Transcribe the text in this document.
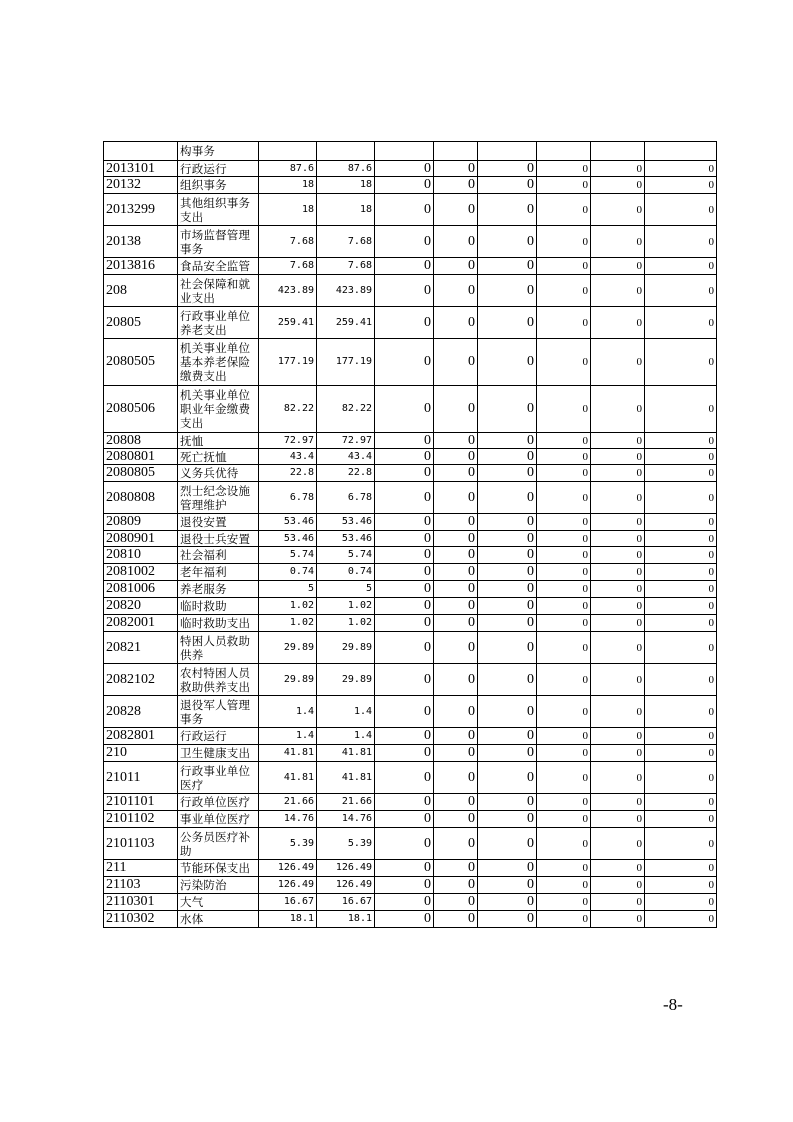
	构事务								
2013101	行政运行	87.6	87.6	0	0	0	0	0	0
20132	组织事务	18	18	0	0	0	0	0	0
2013299	其他组织事务支出	18	18	0	0	0	0	0	0
20138	市场监督管理事务	7.68	7.68	0	0	0	0	0	0
2013816	食品安全监管	7.68	7.68	0	0	0	0	0	0
208	社会保障和就业支出	423.89	423.89	0	0	0	0	0	0
20805	行政事业单位养老支出	259.41	259.41	0	0	0	0	0	0
2080505	机关事业单位基本养老保险缴费支出	177.19	177.19	0	0	0	0	0	0
2080506	机关事业单位职业年金缴费支出	82.22	82.22	0	0	0	0	0	0
20808	抚恤	72.97	72.97	0	0	0	0	0	0
2080801	死亡抚恤	43.4	43.4	0	0	0	0	0	0
2080805	义务兵优待	22.8	22.8	0	0	0	0	0	0
2080808	烈士纪念设施管理维护	6.78	6.78	0	0	0	0	0	0
20809	退役安置	53.46	53.46	0	0	0	0	0	0
2080901	退役士兵安置	53.46	53.46	0	0	0	0	0	0
20810	社会福利	5.74	5.74	0	0	0	0	0	0
2081002	老年福利	0.74	0.74	0	0	0	0	0	0
2081006	养老服务	5	5	0	0	0	0	0	0
20820	临时救助	1.02	1.02	0	0	0	0	0	0
2082001	临时救助支出	1.02	1.02	0	0	0	0	0	0
20821	特困人员救助供养	29.89	29.89	0	0	0	0	0	0
2082102	农村特困人员救助供养支出	29.89	29.89	0	0	0	0	0	0
20828	退役军人管理事务	1.4	1.4	0	0	0	0	0	0
2082801	行政运行	1.4	1.4	0	0	0	0	0	0
210	卫生健康支出	41.81	41.81	0	0	0	0	0	0
21011	行政事业单位医疗	41.81	41.81	0	0	0	0	0	0
2101101	行政单位医疗	21.66	21.66	0	0	0	0	0	0
2101102	事业单位医疗	14.76	14.76	0	0	0	0	0	0
2101103	公务员医疗补助	5.39	5.39	0	0	0	0	0	0
211	节能环保支出	126.49	126.49	0	0	0	0	0	0
21103	污染防治	126.49	126.49	0	0	0	0	0	0
2110301	大气	16.67	16.67	0	0	0	0	0	0
2110302	水体	18.1	18.1	0	0	0	0	0	0
-8-
